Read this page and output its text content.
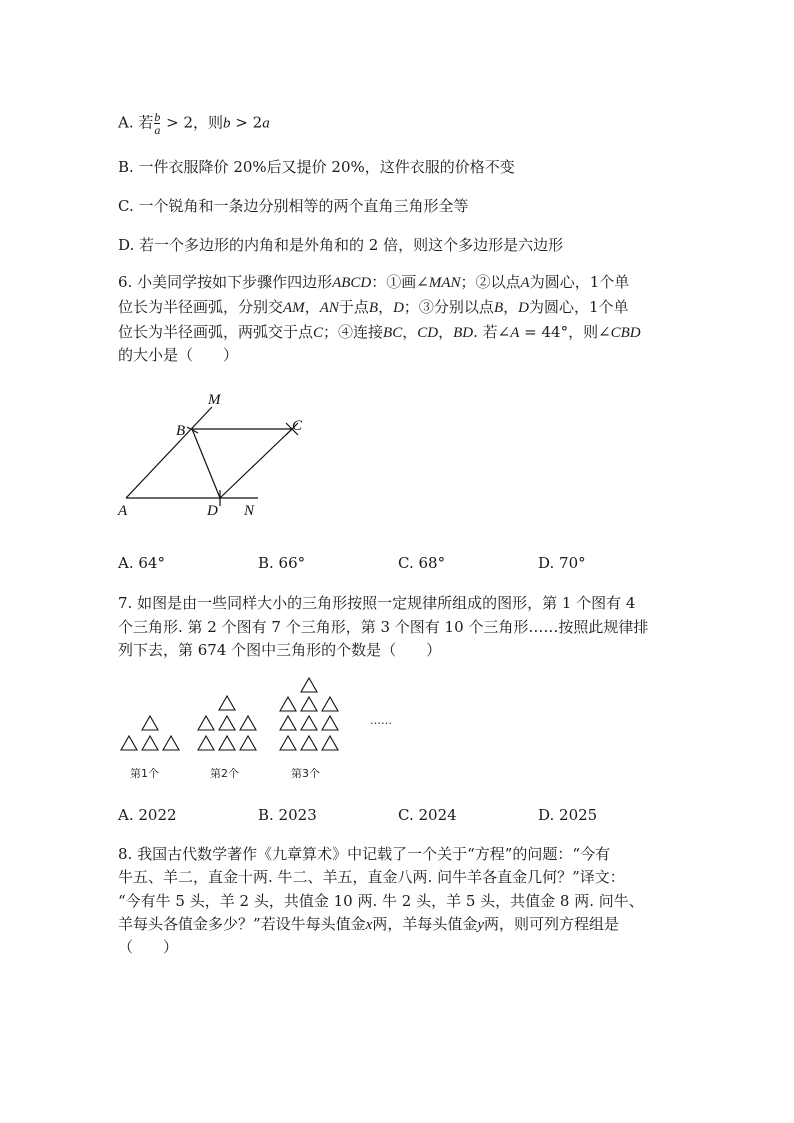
A. 若 $\frac{b}{a} > 2$，则b > 2a
B. 一件衣服降价 20%后又提价 20%，这件衣服的价格不变
C. 一个锐角和一条边分别相等的两个直角三角形全等
D. 若一个多边形的内角和是外角和的 2 倍，则这个多边形是六边形
6. 小美同学按如下步骤作四边形ABCD：①画∠MAN；②以点A为圆心，1个单
位长为半径画弧，分别交AM，AN于点B，D；③分别以点B，D为圆心，1个单
位长为半径画弧，两弧交于点C；④连接BC，CD，BD. 若∠A = 44°，则∠CBD
的大小是（　　）
M
B	C
A	D N
A. 64°	B. 66°	C. 68°	D. 70°
7. 如图是由一些同样大小的三角形按照一定规律所组成的图形，第 1 个图有 4
个三角形. 第 2 个图有 7 个三角形，第 3 个图有 10 个三角形……按照此规律排
列下去，第 674 个图中三角形的个数是（　　）
……
第1个	第2个	第3个
A. 2022	B. 2023	C. 2024	D. 2025
8. 我国古代数学著作《九章算术》中记载了一个关于“方程”的问题：“今有
牛五、羊二，直金十两. 牛二、羊五，直金八两. 问牛羊各直金几何？”译文：
“今有牛 5 头，羊 2 头，共值金 10 两. 牛 2 头，羊 5 头，共值金 8 两. 问牛、
羊每头各值金多少？”若设牛每头值金x两，羊每头值金y两，则可列方程组是
（　　）
